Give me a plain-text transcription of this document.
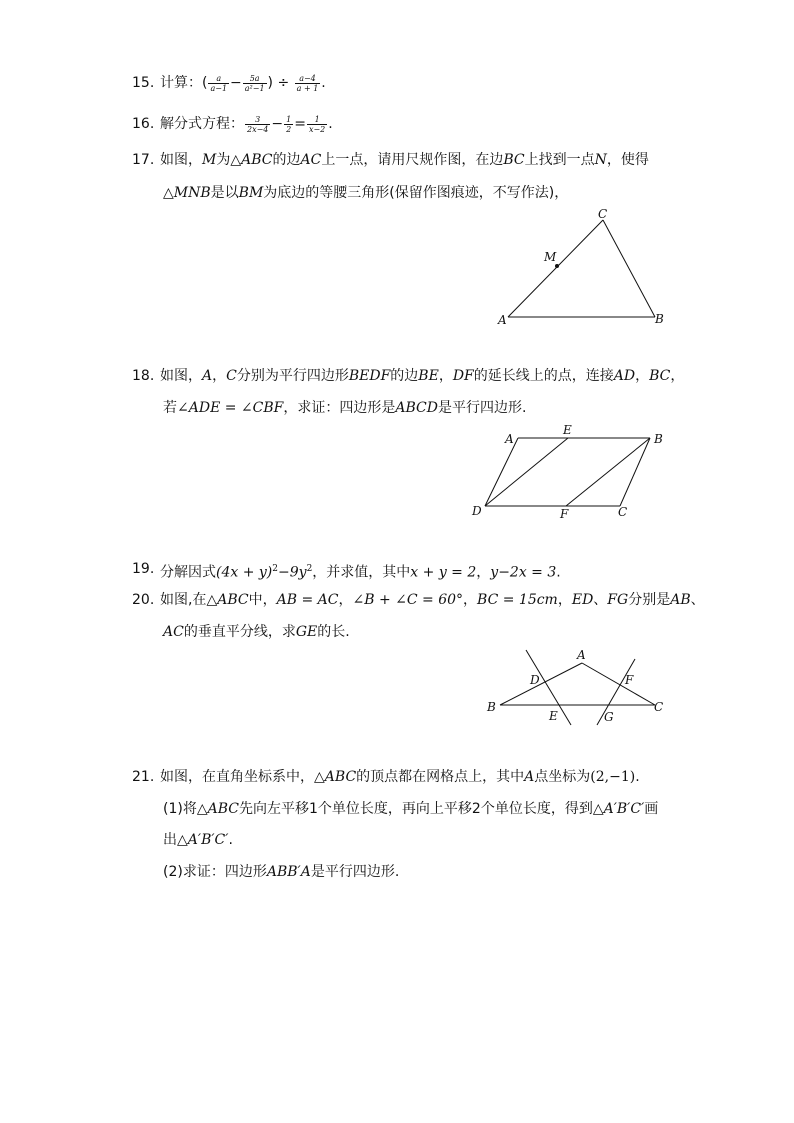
15. 计算：( $\frac{a}{a-1} - \frac{5a}{\text{a²−1}}$ ) ÷ $\frac{a-4}{a + 1}$ .
16. 解分式方程： $\frac{3}{2x-4} - \frac{1}{2} = \frac{1}{x-2}$ .
17. 如图，M为△ABC的边AC上一点，请用尺规作图，在边BC上找到一点N，使得
△MNB是以BM为底边的等腰三角形(保留作图痕迹，不写作法)，
A	B
C
M
18. 如图，A，C分别为平行四边形BEDF的边BE，DF的延长线上的点，连接AD，BC，
若∠ADE = ∠CBF，求证：四边形是ABCD是平行四边形.
A
E
B
D	F	C
19. 分解因式$(4x + y)^2-9y^2$，并求值，其中x + y = 2，y−2x = 3.
20. 如图,在△ABC中，AB = AC，∠B + ∠C = 60°，BC = 15cm，ED、FG分别是AB、
AC的垂直平分线，求GE的长.
A
B	C
D
E
F
G
21. 如图，在直角坐标系中，△ABC的顶点都在网格点上，其中A点坐标为(2,−1).
(1)将△ABC先向左平移1个单位长度，再向上平移2个单位长度，得到△A′B′C′画
出△A′B′C′.
(2)求证：四边形ABB′A是平行四边形.
